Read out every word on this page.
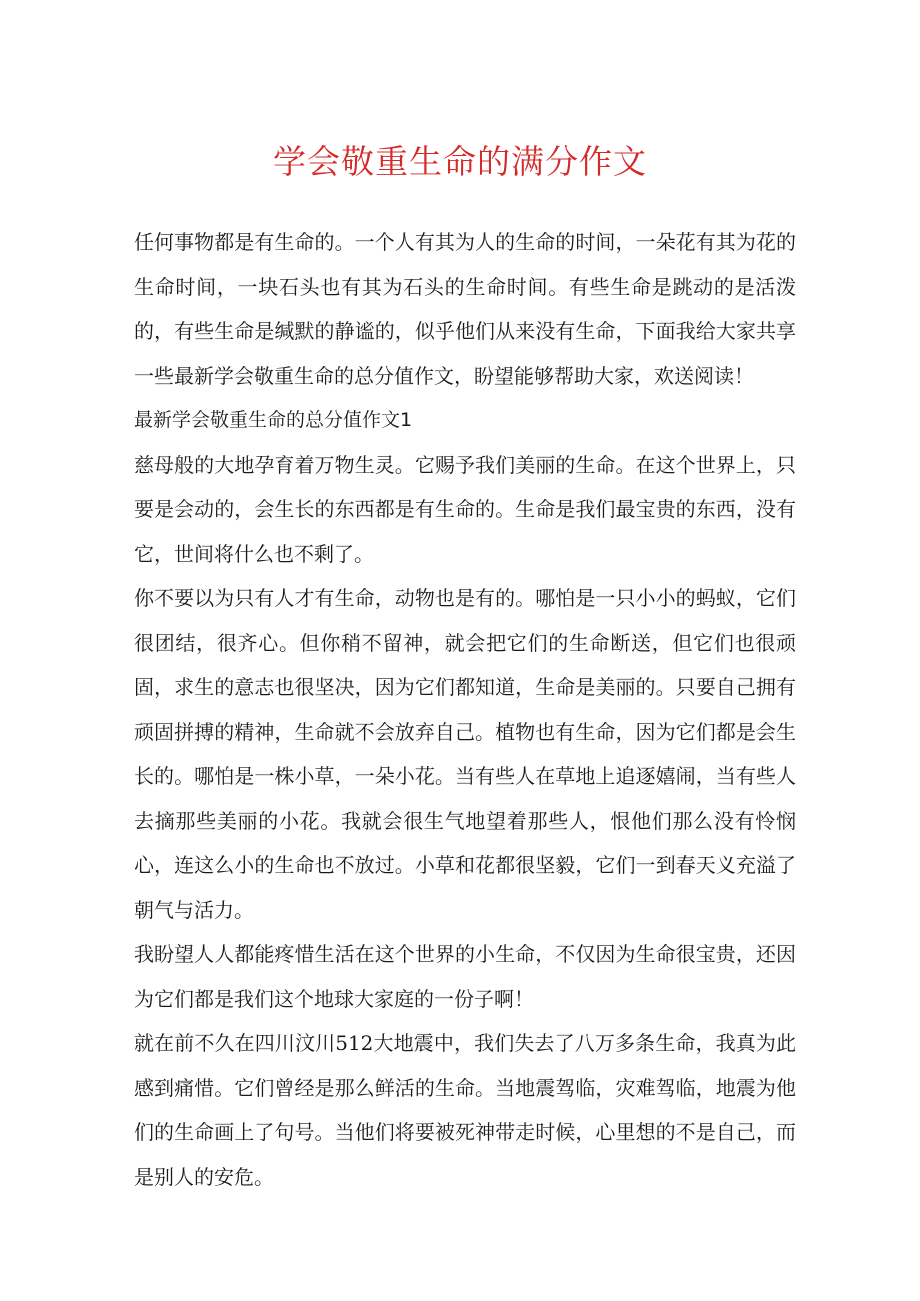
学会敬重生命的满分作文

任何事物都是有生命的。一个人有其为人的生命的时间，一朵花有其为花的生命时间，一块石头也有其为石头的生命时间。有些生命是跳动的是活泼的，有些生命是缄默的静谧的，似乎他们从来没有生命，下面我给大家共享一些最新学会敬重生命的总分值作文，盼望能够帮助大家，欢送阅读！

最新学会敬重生命的总分值作文1

慈母般的大地孕育着万物生灵。它赐予我们美丽的生命。在这个世界上，只要是会动的，会生长的东西都是有生命的。生命是我们最宝贵的东西，没有它，世间将什么也不剩了。

你不要以为只有人才有生命，动物也是有的。哪怕是一只小小的蚂蚁，它们很团结，很齐心。但你稍不留神，就会把它们的生命断送，但它们也很顽固，求生的意志也很坚决，因为它们都知道，生命是美丽的。只要自己拥有顽固拼搏的精神，生命就不会放弃自己。植物也有生命，因为它们都是会生长的。哪怕是一株小草，一朵小花。当有些人在草地上追逐嬉闹，当有些人去摘那些美丽的小花。我就会很生气地望着那些人，恨他们那么没有怜悯心，连这么小的生命也不放过。小草和花都很坚毅，它们一到春天义充溢了朝气与活力。

我盼望人人都能疼惜生活在这个世界的小生命，不仅因为生命很宝贵，还因为它们都是我们这个地球大家庭的一份子啊！

就在前不久在四川汶川512大地震中，我们失去了八万多条生命，我真为此感到痛惜。它们曾经是那么鲜活的生命。当地震驾临，灾难驾临，地震为他们的生命画上了句号。当他们将要被死神带走时候，心里想的不是自己，而是别人的安危。
